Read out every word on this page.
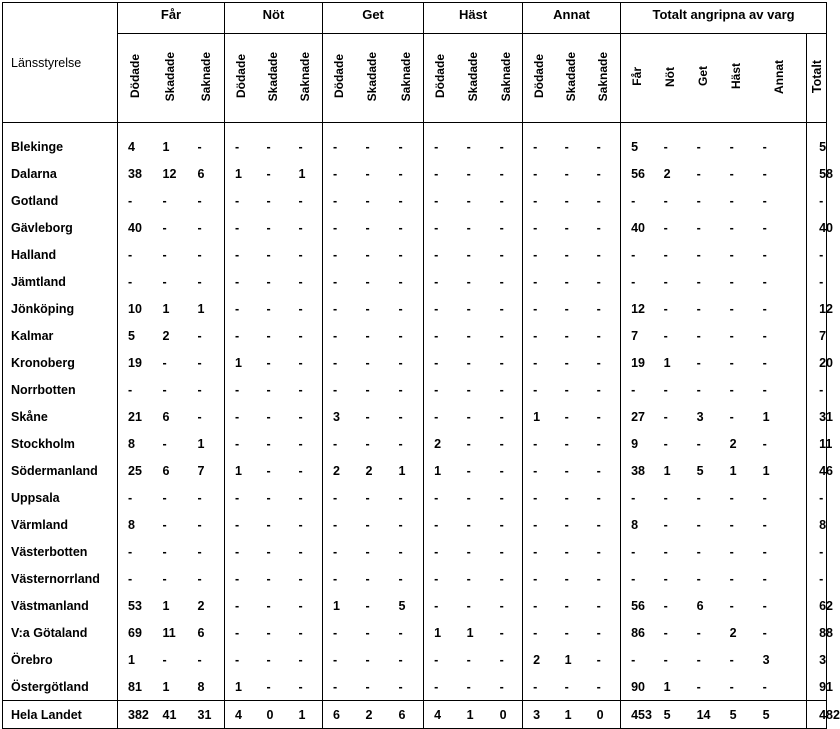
Länsstyrelse	Får			Nöt			Get			Häst			Annat			Totalt angripna av varg					
	Dödade	Skadade	Saknade	Dödade	Skadade	Saknade	Dödade	Skadade	Saknade	Dödade	Skadade	Saknade	Dödade	Skadade	Saknade	Får	Nöt	Get	Häst	Annat	Totalt

Blekinge	4	1	-	-	-	-	-	-	-	-	-	-	-	-	-	5	-	-	-	-	5
Dalarna	38	12	6	1	-	1	-	-	-	-	-	-	-	-	-	56	2	-	-	-	58
Gotland	-	-	-	-	-	-	-	-	-	-	-	-	-	-	-	-	-	-	-	-	-
Gävleborg	40	-	-	-	-	-	-	-	-	-	-	-	-	-	-	40	-	-	-	-	40
Halland	-	-	-	-	-	-	-	-	-	-	-	-	-	-	-	-	-	-	-	-	-
Jämtland	-	-	-	-	-	-	-	-	-	-	-	-	-	-	-	-	-	-	-	-	-
Jönköping	10	1	1	-	-	-	-	-	-	-	-	-	-	-	-	12	-	-	-	-	12
Kalmar	5	2	-	-	-	-	-	-	-	-	-	-	-	-	-	7	-	-	-	-	7
Kronoberg	19	-	-	1	-	-	-	-	-	-	-	-	-	-	-	19	1	-	-	-	20
Norrbotten	-	-	-	-	-	-	-	-	-	-	-	-	-	-	-	-	-	-	-	-	-
Skåne	21	6	-	-	-	-	3	-	-	-	-	-	1	-	-	27	-	3	-	1	31
Stockholm	8	-	1	-	-	-	-	-	-	2	-	-	-	-	-	9	-	-	2	-	11
Södermanland	25	6	7	1	-	-	2	2	1	1	-	-	-	-	-	38	1	5	1	1	46
Uppsala	-	-	-	-	-	-	-	-	-	-	-	-	-	-	-	-	-	-	-	-	-
Värmland	8	-	-	-	-	-	-	-	-	-	-	-	-	-	-	8	-	-	-	-	8
Västerbotten	-	-	-	-	-	-	-	-	-	-	-	-	-	-	-	-	-	-	-	-	-
Västernorrland	-	-	-	-	-	-	-	-	-	-	-	-	-	-	-	-	-	-	-	-	-
Västmanland	53	1	2	-	-	-	1	-	5	-	-	-	-	-	-	56	-	6	-	-	62
V:a Götaland	69	11	6	-	-	-	-	-	-	1	1	-	-	-	-	86	-	-	2	-	88
Örebro	1	-	-	-	-	-	-	-	-	-	-	-	2	1	-	-	-	-	-	3	3
Östergötland	81	1	8	1	-	-	-	-	-	-	-	-	-	-	-	90	1	-	-	-	91
Hela Landet	382	41	31	4	0	1	6	2	6	4	1	0	3	1	0	453	5	14	5	5	482
